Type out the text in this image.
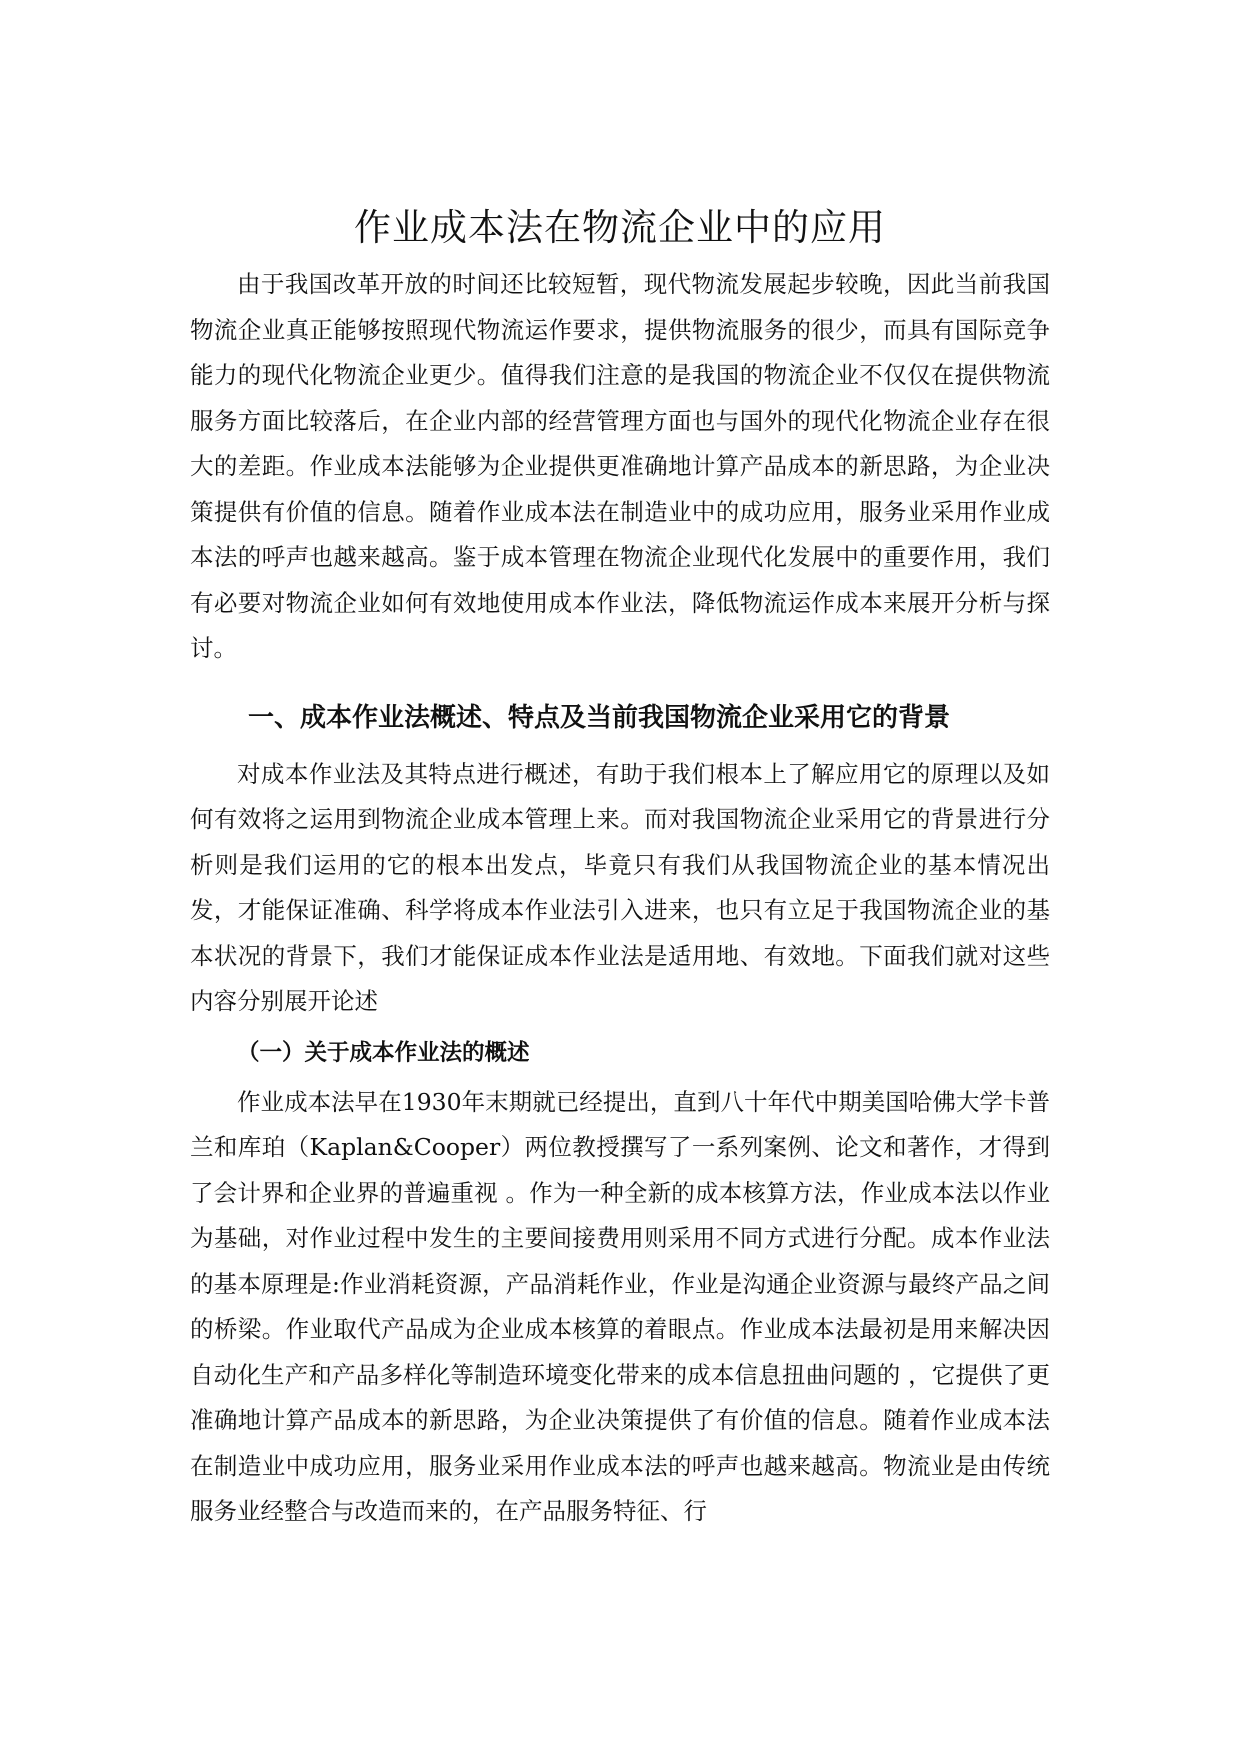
作业成本法在物流企业中的应用

由于我国改革开放的时间还比较短暂，现代物流发展起步较晚，因此当前我国物流企业真正能够按照现代物流运作要求，提供物流服务的很少，而具有国际竞争能力的现代化物流企业更少。值得我们注意的是我国的物流企业不仅仅在提供物流服务方面比较落后，在企业内部的经营管理方面也与国外的现代化物流企业存在很大的差距。作业成本法能够为企业提供更准确地计算产品成本的新思路，为企业决策提供有价值的信息。随着作业成本法在制造业中的成功应用，服务业采用作业成本法的呼声也越来越高。鉴于成本管理在物流企业现代化发展中的重要作用，我们有必要对物流企业如何有效地使用成本作业法，降低物流运作成本来展开分析与探讨。

一、成本作业法概述、特点及当前我国物流企业采用它的背景

对成本作业法及其特点进行概述，有助于我们根本上了解应用它的原理以及如何有效将之运用到物流企业成本管理上来。而对我国物流企业采用它的背景进行分析则是我们运用的它的根本出发点，毕竟只有我们从我国物流企业的基本情况出发，才能保证准确、科学将成本作业法引入进来，也只有立足于我国物流企业的基本状况的背景下，我们才能保证成本作业法是适用地、有效地。下面我们就对这些内容分别展开论述

（一）关于成本作业法的概述

作业成本法早在1930年末期就已经提出，直到八十年代中期美国哈佛大学卡普兰和库珀（Kaplan&Cooper）两位教授撰写了一系列案例、论文和著作，才得到了会计界和企业界的普遍重视 。作为一种全新的成本核算方法，作业成本法以作业为基础，对作业过程中发生的主要间接费用则采用不同方式进行分配。成本作业法的基本原理是:作业消耗资源，产品消耗作业，作业是沟通企业资源与最终产品之间的桥梁。作业取代产品成为企业成本核算的着眼点。作业成本法最初是用来解决因自动化生产和产品多样化等制造环境变化带来的成本信息扭曲问题的 ，它提供了更准确地计算产品成本的新思路，为企业决策提供了有价值的信息。随着作业成本法在制造业中成功应用，服务业采用作业成本法的呼声也越来越高。物流业是由传统服务业经整合与改造而来的，在产品服务特征、行
